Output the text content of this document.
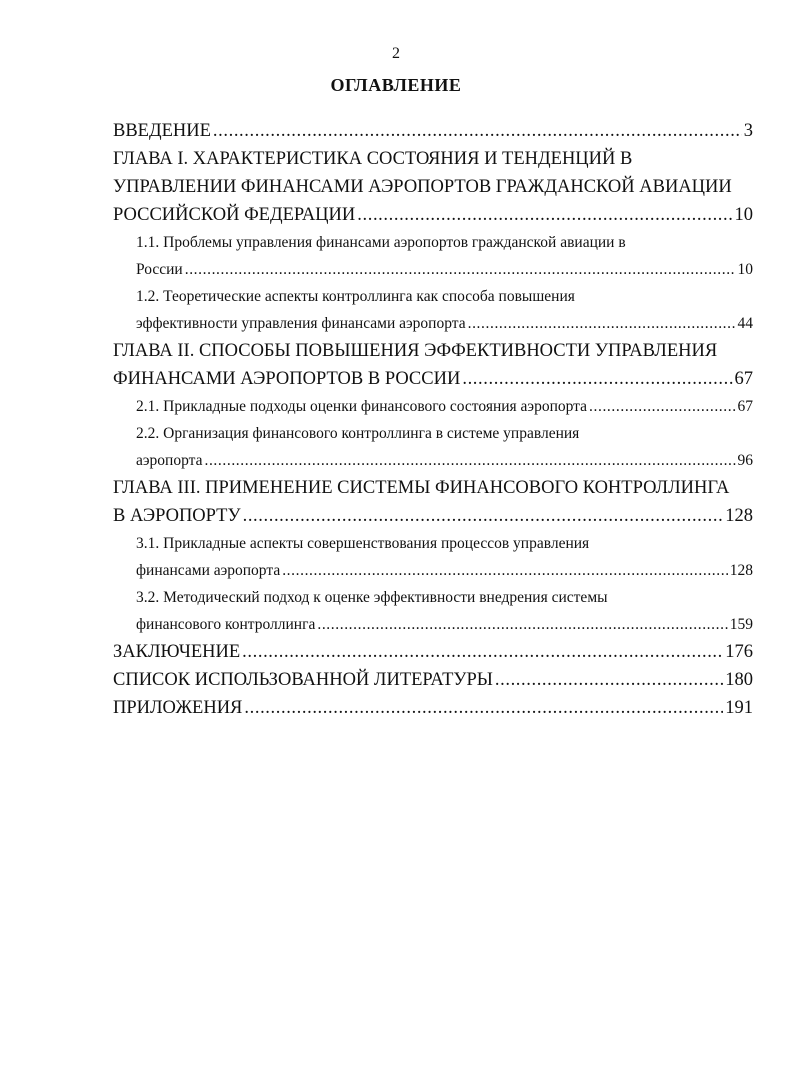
2
ОГЛАВЛЕНИЕ
ВВЕДЕНИЕ .....	3
ГЛАВА I. ХАРАКТЕРИСТИКА СОСТОЯНИЯ И ТЕНДЕНЦИЙ В
УПРАВЛЕНИИ ФИНАНСАМИ АЭРОПОРТОВ ГРАЖДАНСКОЙ АВИАЦИИ
РОССИЙСКОЙ ФЕДЕРАЦИИ .....	10
1.1. Проблемы управления финансами аэропортов гражданской авиации в
России .....	10
1.2. Теоретические аспекты контроллинга как способа повышения
эффективности управления финансами аэропорта .....	44
ГЛАВА II. СПОСОБЫ ПОВЫШЕНИЯ ЭФФЕКТИВНОСТИ УПРАВЛЕНИЯ
ФИНАНСАМИ АЭРОПОРТОВ В РОССИИ .....	67
2.1. Прикладные подходы оценки финансового состояния аэропорта .....	67
2.2. Организация финансового контроллинга в системе управления
аэропорта .....	96
ГЛАВА III. ПРИМЕНЕНИЕ СИСТЕМЫ ФИНАНСОВОГО КОНТРОЛЛИНГА
В АЭРОПОРТУ .....	128
3.1. Прикладные аспекты совершенствования процессов управления
финансами аэропорта .....	128
3.2. Методический подход к оценке эффективности внедрения системы
финансового контроллинга .....	159
ЗАКЛЮЧЕНИЕ .....	176
СПИСОК ИСПОЛЬЗОВАННОЙ ЛИТЕРАТУРЫ .....	180
ПРИЛОЖЕНИЯ .....	191
